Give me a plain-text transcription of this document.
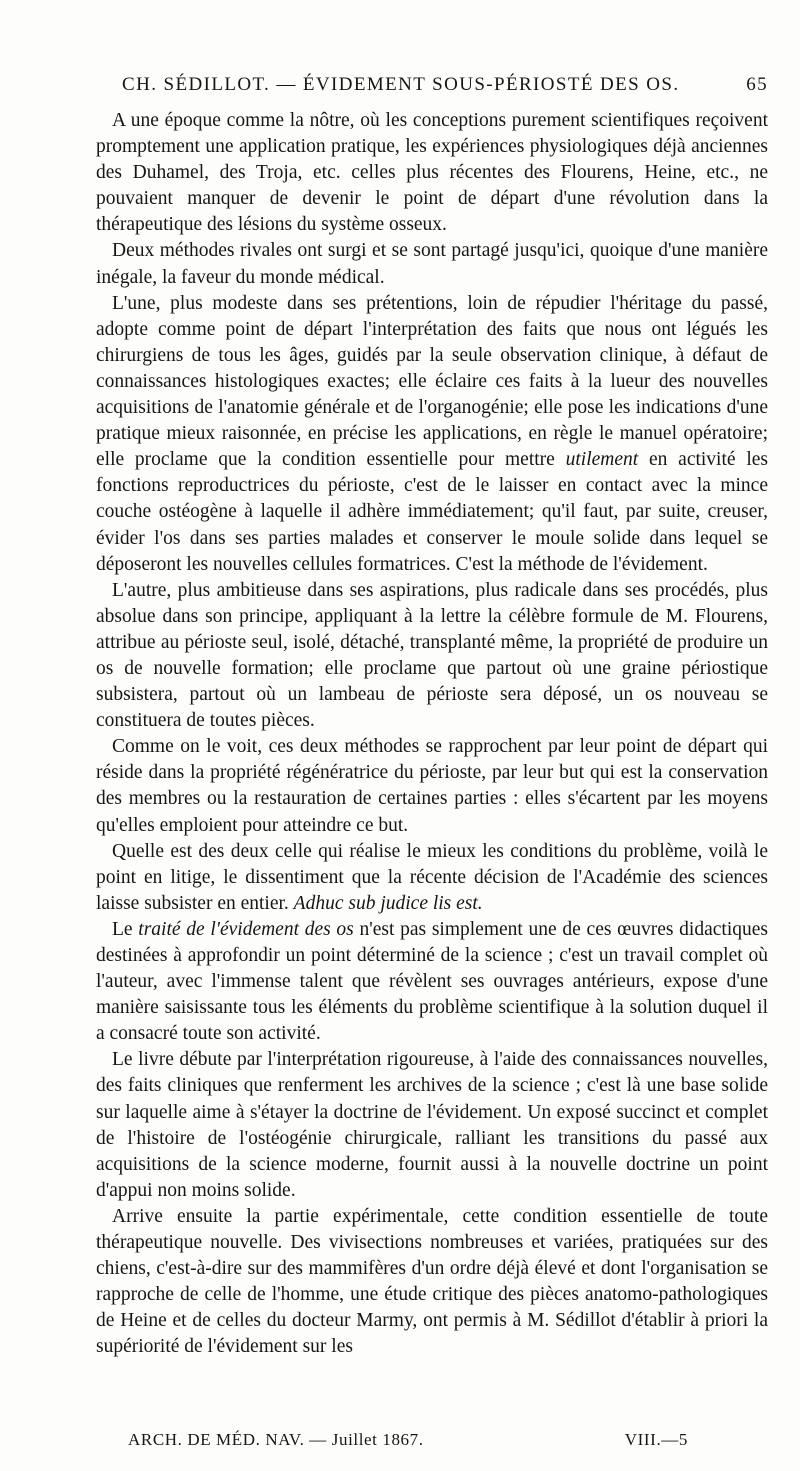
CH. SÉDILLOT. — ÉVIDEMENT SOUS-PÉRIOSTÉ DES OS.	65

A une époque comme la nôtre, où les conceptions purement scientifiques reçoivent promptement une application pratique, les expériences physiologiques déjà anciennes des Duhamel, des Troja, etc. celles plus récentes des Flourens, Heine, etc., ne pouvaient manquer de devenir le point de départ d'une révolution dans la thérapeutique des lésions du système osseux.

Deux méthodes rivales ont surgi et se sont partagé jusqu'ici, quoique d'une manière inégale, la faveur du monde médical.

L'une, plus modeste dans ses prétentions, loin de répudier l'héritage du passé, adopte comme point de départ l'interprétation des faits que nous ont légués les chirurgiens de tous les âges, guidés par la seule observation clinique, à défaut de connaissances histologiques exactes; elle éclaire ces faits à la lueur des nouvelles acquisitions de l'anatomie générale et de l'organogénie; elle pose les indications d'une pratique mieux raisonnée, en précise les applications, en règle le manuel opératoire; elle proclame que la condition essentielle pour mettre utilement en activité les fonctions reproductrices du périoste, c'est de le laisser en contact avec la mince couche ostéogène à laquelle il adhère immédiatement; qu'il faut, par suite, creuser, évider l'os dans ses parties malades et conserver le moule solide dans lequel se déposeront les nouvelles cellules formatrices. C'est la méthode de l'évidement.

L'autre, plus ambitieuse dans ses aspirations, plus radicale dans ses procédés, plus absolue dans son principe, appliquant à la lettre la célèbre formule de M. Flourens, attribue au périoste seul, isolé, détaché, transplanté même, la propriété de produire un os de nouvelle formation; elle proclame que partout où une graine périostique subsistera, partout où un lambeau de périoste sera déposé, un os nouveau se constituera de toutes pièces.

Comme on le voit, ces deux méthodes se rapprochent par leur point de départ qui réside dans la propriété régénératrice du périoste, par leur but qui est la conservation des membres ou la restauration de certaines parties : elles s'écartent par les moyens qu'elles emploient pour atteindre ce but.

Quelle est des deux celle qui réalise le mieux les conditions du problème, voilà le point en litige, le dissentiment que la récente décision de l'Académie des sciences laisse subsister en entier. Adhuc sub judice lis est.

Le traité de l'évidement des os n'est pas simplement une de ces œuvres didactiques destinées à approfondir un point déterminé de la science ; c'est un travail complet où l'auteur, avec l'immense talent que révèlent ses ouvrages antérieurs, expose d'une manière saisissante tous les éléments du problème scientifique à la solution duquel il a consacré toute son activité.

Le livre débute par l'interprétation rigoureuse, à l'aide des connaissances nouvelles, des faits cliniques que renferment les archives de la science ; c'est là une base solide sur laquelle aime à s'étayer la doctrine de l'évidement. Un exposé succinct et complet de l'histoire de l'ostéogénie chirurgicale, ralliant les transitions du passé aux acquisitions de la science moderne, fournit aussi à la nouvelle doctrine un point d'appui non moins solide.

Arrive ensuite la partie expérimentale, cette condition essentielle de toute thérapeutique nouvelle. Des vivisections nombreuses et variées, pratiquées sur des chiens, c'est-à-dire sur des mammifères d'un ordre déjà élevé et dont l'organisation se rapproche de celle de l'homme, une étude critique des pièces anatomo-pathologiques de Heine et de celles du docteur Marmy, ont permis à M. Sédillot d'établir à priori la supériorité de l'évidement sur les

ARCH. DE MÉD. NAV. — Juillet 1867.	VIII.—5
